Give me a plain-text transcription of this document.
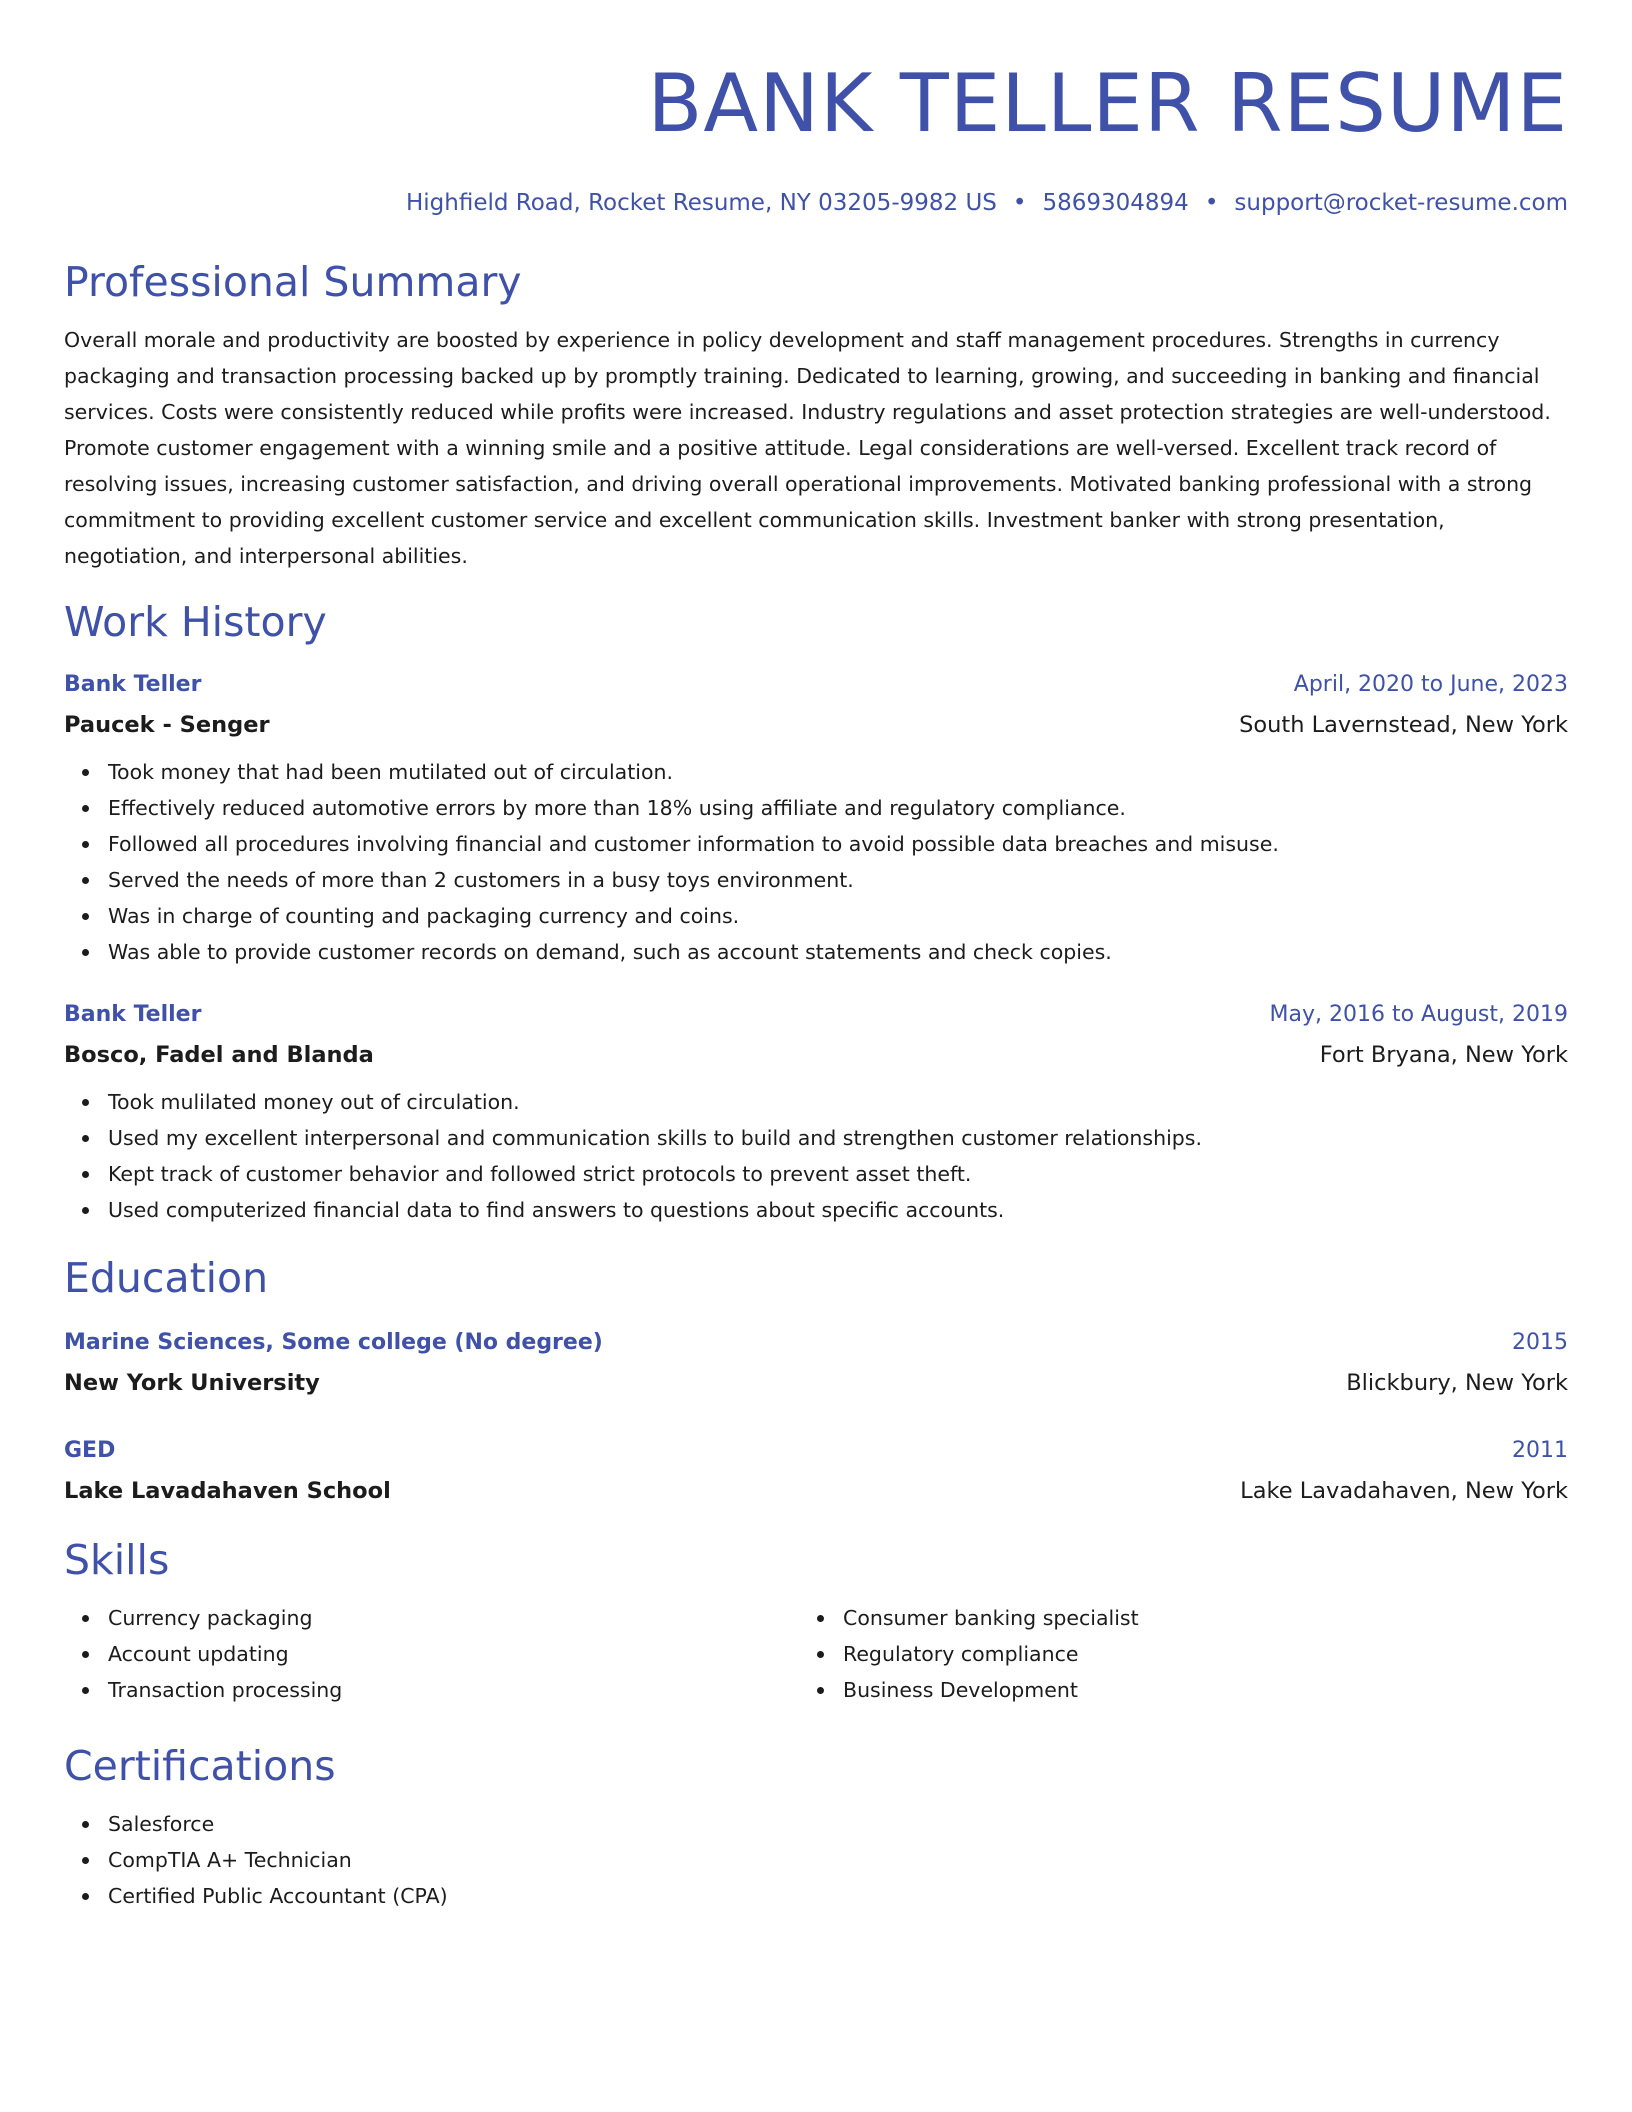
BANK TELLER RESUME
Highfield Road, Rocket Resume, NY 03205-9982 US • 5869304894 • support@rocket-resume.com
Professional Summary
Overall morale and productivity are boosted by experience in policy development and staff management procedures. Strengths in currency packaging and transaction processing backed up by promptly training. Dedicated to learning, growing, and succeeding in banking and financial services. Costs were consistently reduced while profits were increased. Industry regulations and asset protection strategies are well-understood. Promote customer engagement with a winning smile and a positive attitude. Legal considerations are well-versed. Excellent track record of resolving issues, increasing customer satisfaction, and driving overall operational improvements. Motivated banking professional with a strong commitment to providing excellent customer service and excellent communication skills. Investment banker with strong presentation, negotiation, and interpersonal abilities.
Work History
Bank Teller	April, 2020 to June, 2023
Paucek - Senger	South Lavernstead, New York
Took money that had been mutilated out of circulation.
Effectively reduced automotive errors by more than 18% using affiliate and regulatory compliance.
Followed all procedures involving financial and customer information to avoid possible data breaches and misuse.
Served the needs of more than 2 customers in a busy toys environment.
Was in charge of counting and packaging currency and coins.
Was able to provide customer records on demand, such as account statements and check copies.
Bank Teller	May, 2016 to August, 2019
Bosco, Fadel and Blanda	Fort Bryana, New York
Took mulilated money out of circulation.
Used my excellent interpersonal and communication skills to build and strengthen customer relationships.
Kept track of customer behavior and followed strict protocols to prevent asset theft.
Used computerized financial data to find answers to questions about specific accounts.
Education
Marine Sciences, Some college (No degree)	2015
New York University	Blickbury, New York
GED	2011
Lake Lavadahaven School	Lake Lavadahaven, New York
Skills
Currency packaging
Account updating
Transaction processing
Consumer banking specialist
Regulatory compliance
Business Development
Certifications
Salesforce
CompTIA A+ Technician
Certified Public Accountant (CPA)
